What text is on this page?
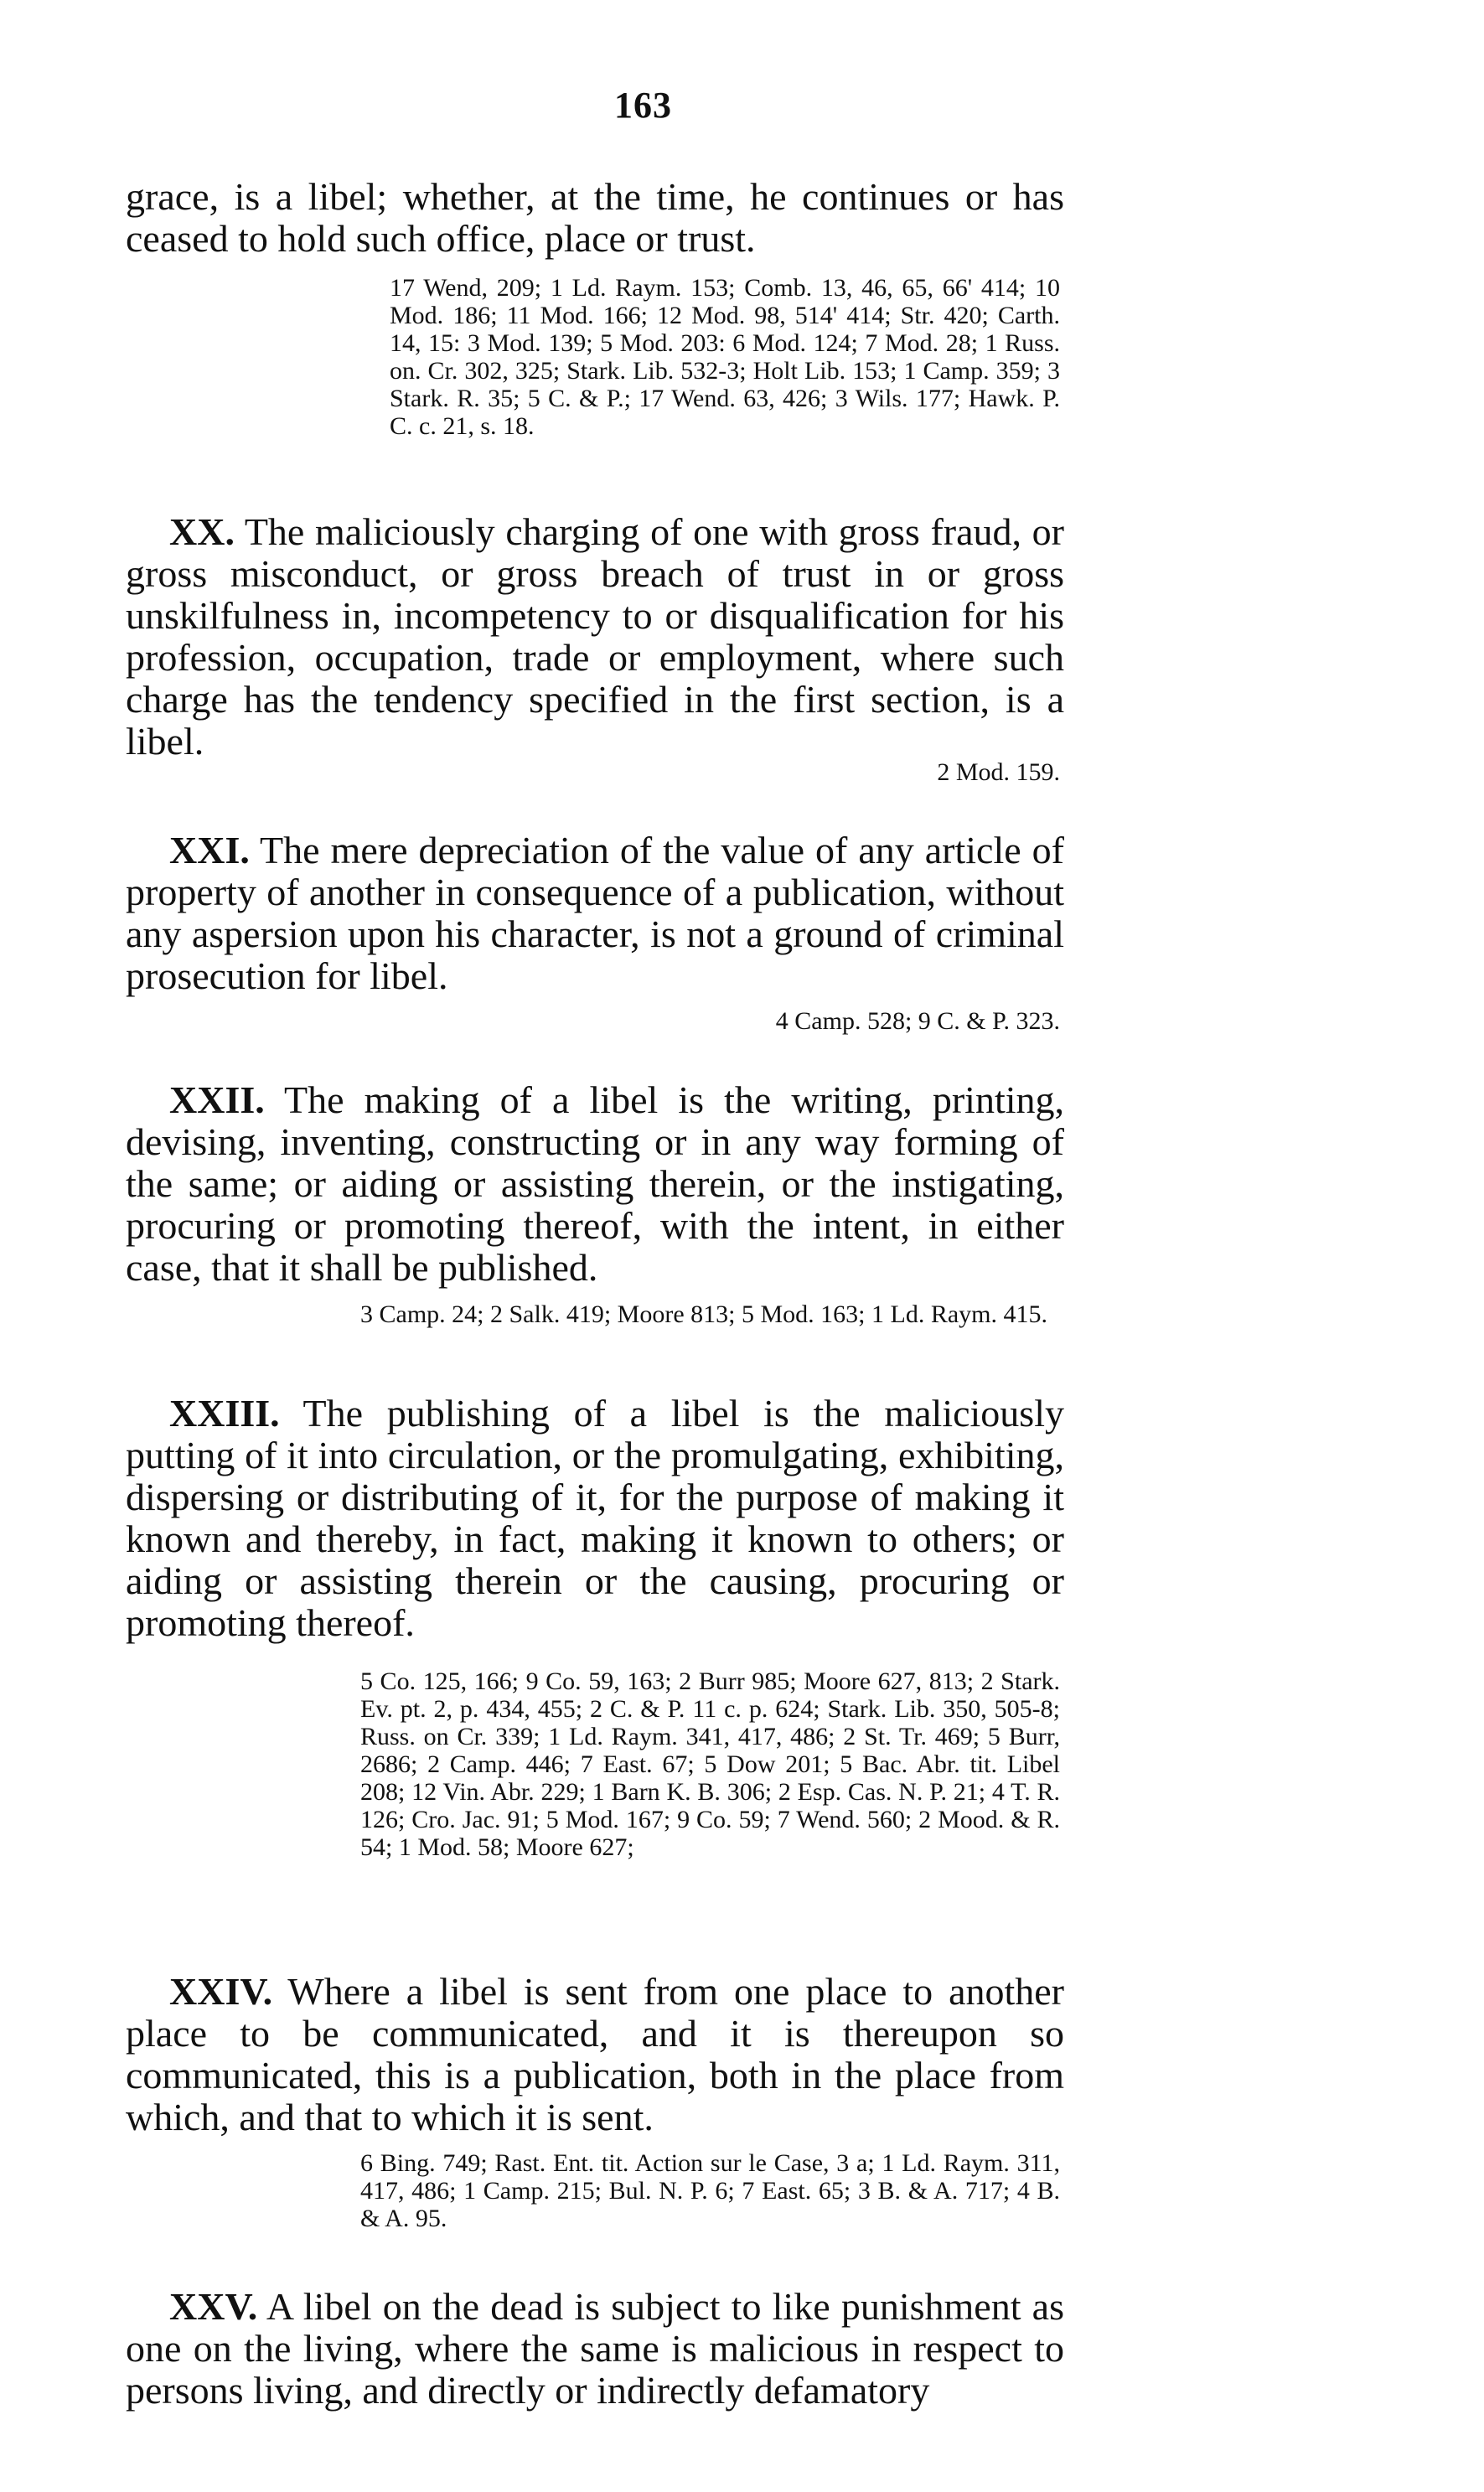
163
grace, is a libel; whether, at the time, he continues or has ceased to hold such office, place or trust.
17 Wend, 209; 1 Ld. Raym. 153; Comb. 13, 46, 65, 66' 414; 10 Mod. 186; 11 Mod. 166; 12 Mod. 98, 514' 414; Str. 420; Carth. 14, 15: 3 Mod. 139; 5 Mod. 203: 6 Mod. 124; 7 Mod. 28; 1 Russ. on. Cr. 302, 325; Stark. Lib. 532-3; Holt Lib. 153; 1 Camp. 359; 3 Stark. R. 35; 5 C. & P.; 17 Wend. 63, 426; 3 Wils. 177; Hawk. P. C. c. 21, s. 18.
XX. The maliciously charging of one with gross fraud, or gross misconduct, or gross breach of trust in or gross unskilfulness in, incompetency to or disqualification for his profession, occupation, trade or employment, where such charge has the tendency specified in the first section, is a libel.
2 Mod. 159.
XXI. The mere depreciation of the value of any article of property of another in consequence of a publication, without any aspersion upon his character, is not a ground of criminal prosecution for libel.
4 Camp. 528; 9 C. & P. 323.
XXII. The making of a libel is the writing, printing, devising, inventing, constructing or in any way forming of the same; or aiding or assisting therein, or the instigating, procuring or promoting thereof, with the intent, in either case, that it shall be published.
3 Camp. 24; 2 Salk. 419; Moore 813; 5 Mod. 163; 1 Ld. Raym. 415.
XXIII. The publishing of a libel is the maliciously putting of it into circulation, or the promulgating, exhibiting, dispersing or distributing of it, for the purpose of making it known and thereby, in fact, making it known to others; or aiding or assisting therein or the causing, procuring or promoting thereof.
5 Co. 125, 166; 9 Co. 59, 163; 2 Burr 985; Moore 627, 813; 2 Stark. Ev. pt. 2, p. 434, 455; 2 C. & P. 11 c. p. 624; Stark. Lib. 350, 505-8; Russ. on Cr. 339; 1 Ld. Raym. 341, 417, 486; 2 St. Tr. 469; 5 Burr, 2686; 2 Camp. 446; 7 East. 67; 5 Dow 201; 5 Bac. Abr. tit. Libel 208; 12 Vin. Abr. 229; 1 Barn K. B. 306; 2 Esp. Cas. N. P. 21; 4 T. R. 126; Cro. Jac. 91; 5 Mod. 167; 9 Co. 59; 7 Wend. 560; 2 Mood. & R. 54; 1 Mod. 58; Moore 627;
XXIV. Where a libel is sent from one place to another place to be communicated, and it is thereupon so communicated, this is a publication, both in the place from which, and that to which it is sent.
6 Bing. 749; Rast. Ent. tit. Action sur le Case, 3 a; 1 Ld. Raym. 311, 417, 486; 1 Camp. 215; Bul. N. P. 6; 7 East. 65; 3 B. & A. 717; 4 B. & A. 95.
XXV. A libel on the dead is subject to like punishment as one on the living, where the same is malicious in respect to persons living, and directly or indirectly defamatory
